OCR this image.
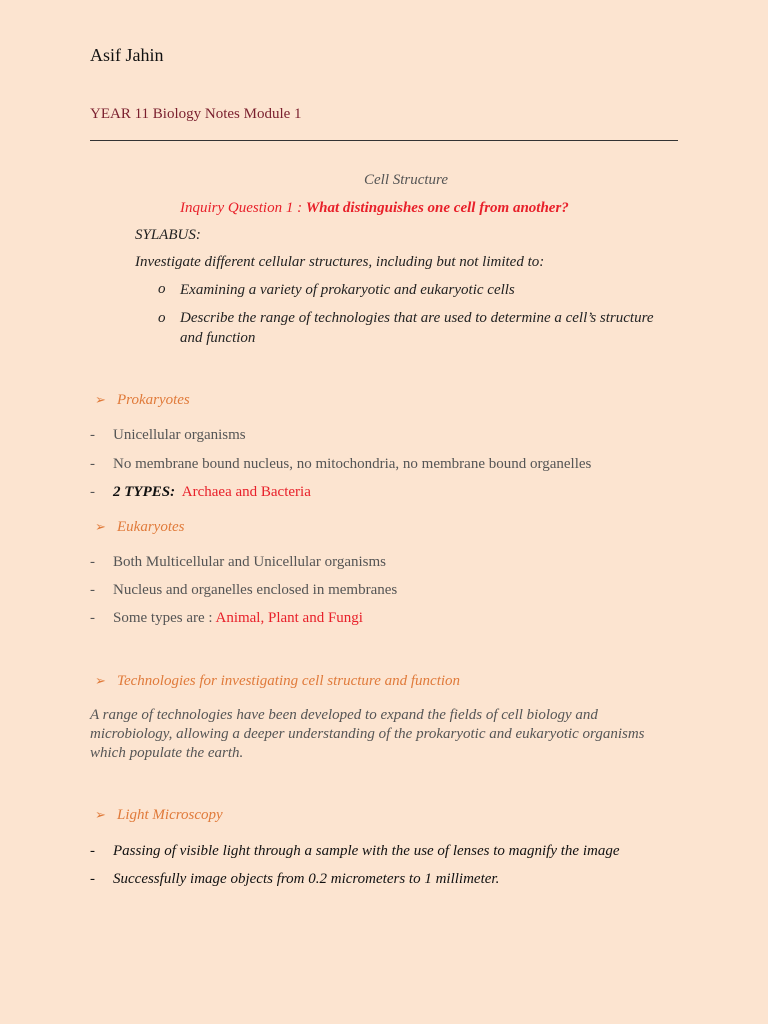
Asif Jahin
YEAR 11 Biology Notes Module 1
Cell Structure
Inquiry Question 1 : What distinguishes one cell from another?
SYLABUS:
Investigate different cellular structures, including but not limited to:
o Examining a variety of prokaryotic and eukaryotic cells
o Describe the range of technologies that are used to determine a cell’s structure
and function
➢ Prokaryotes
- Unicellular organisms
- No membrane bound nucleus, no mitochondria, no membrane bound organelles
- 2 TYPES: Archaea and Bacteria
➢ Eukaryotes
- Both Multicellular and Unicellular organisms
- Nucleus and organelles enclosed in membranes
- Some types are : Animal, Plant and Fungi
➢ Technologies for investigating cell structure and function
A range of technologies have been developed to expand the fields of cell biology and microbiology, allowing a deeper understanding of the prokaryotic and eukaryotic organisms which populate the earth.
➢ Light Microscopy
- Passing of visible light through a sample with the use of lenses to magnify the image
- Successfully image objects from 0.2 micrometers to 1 millimeter.
